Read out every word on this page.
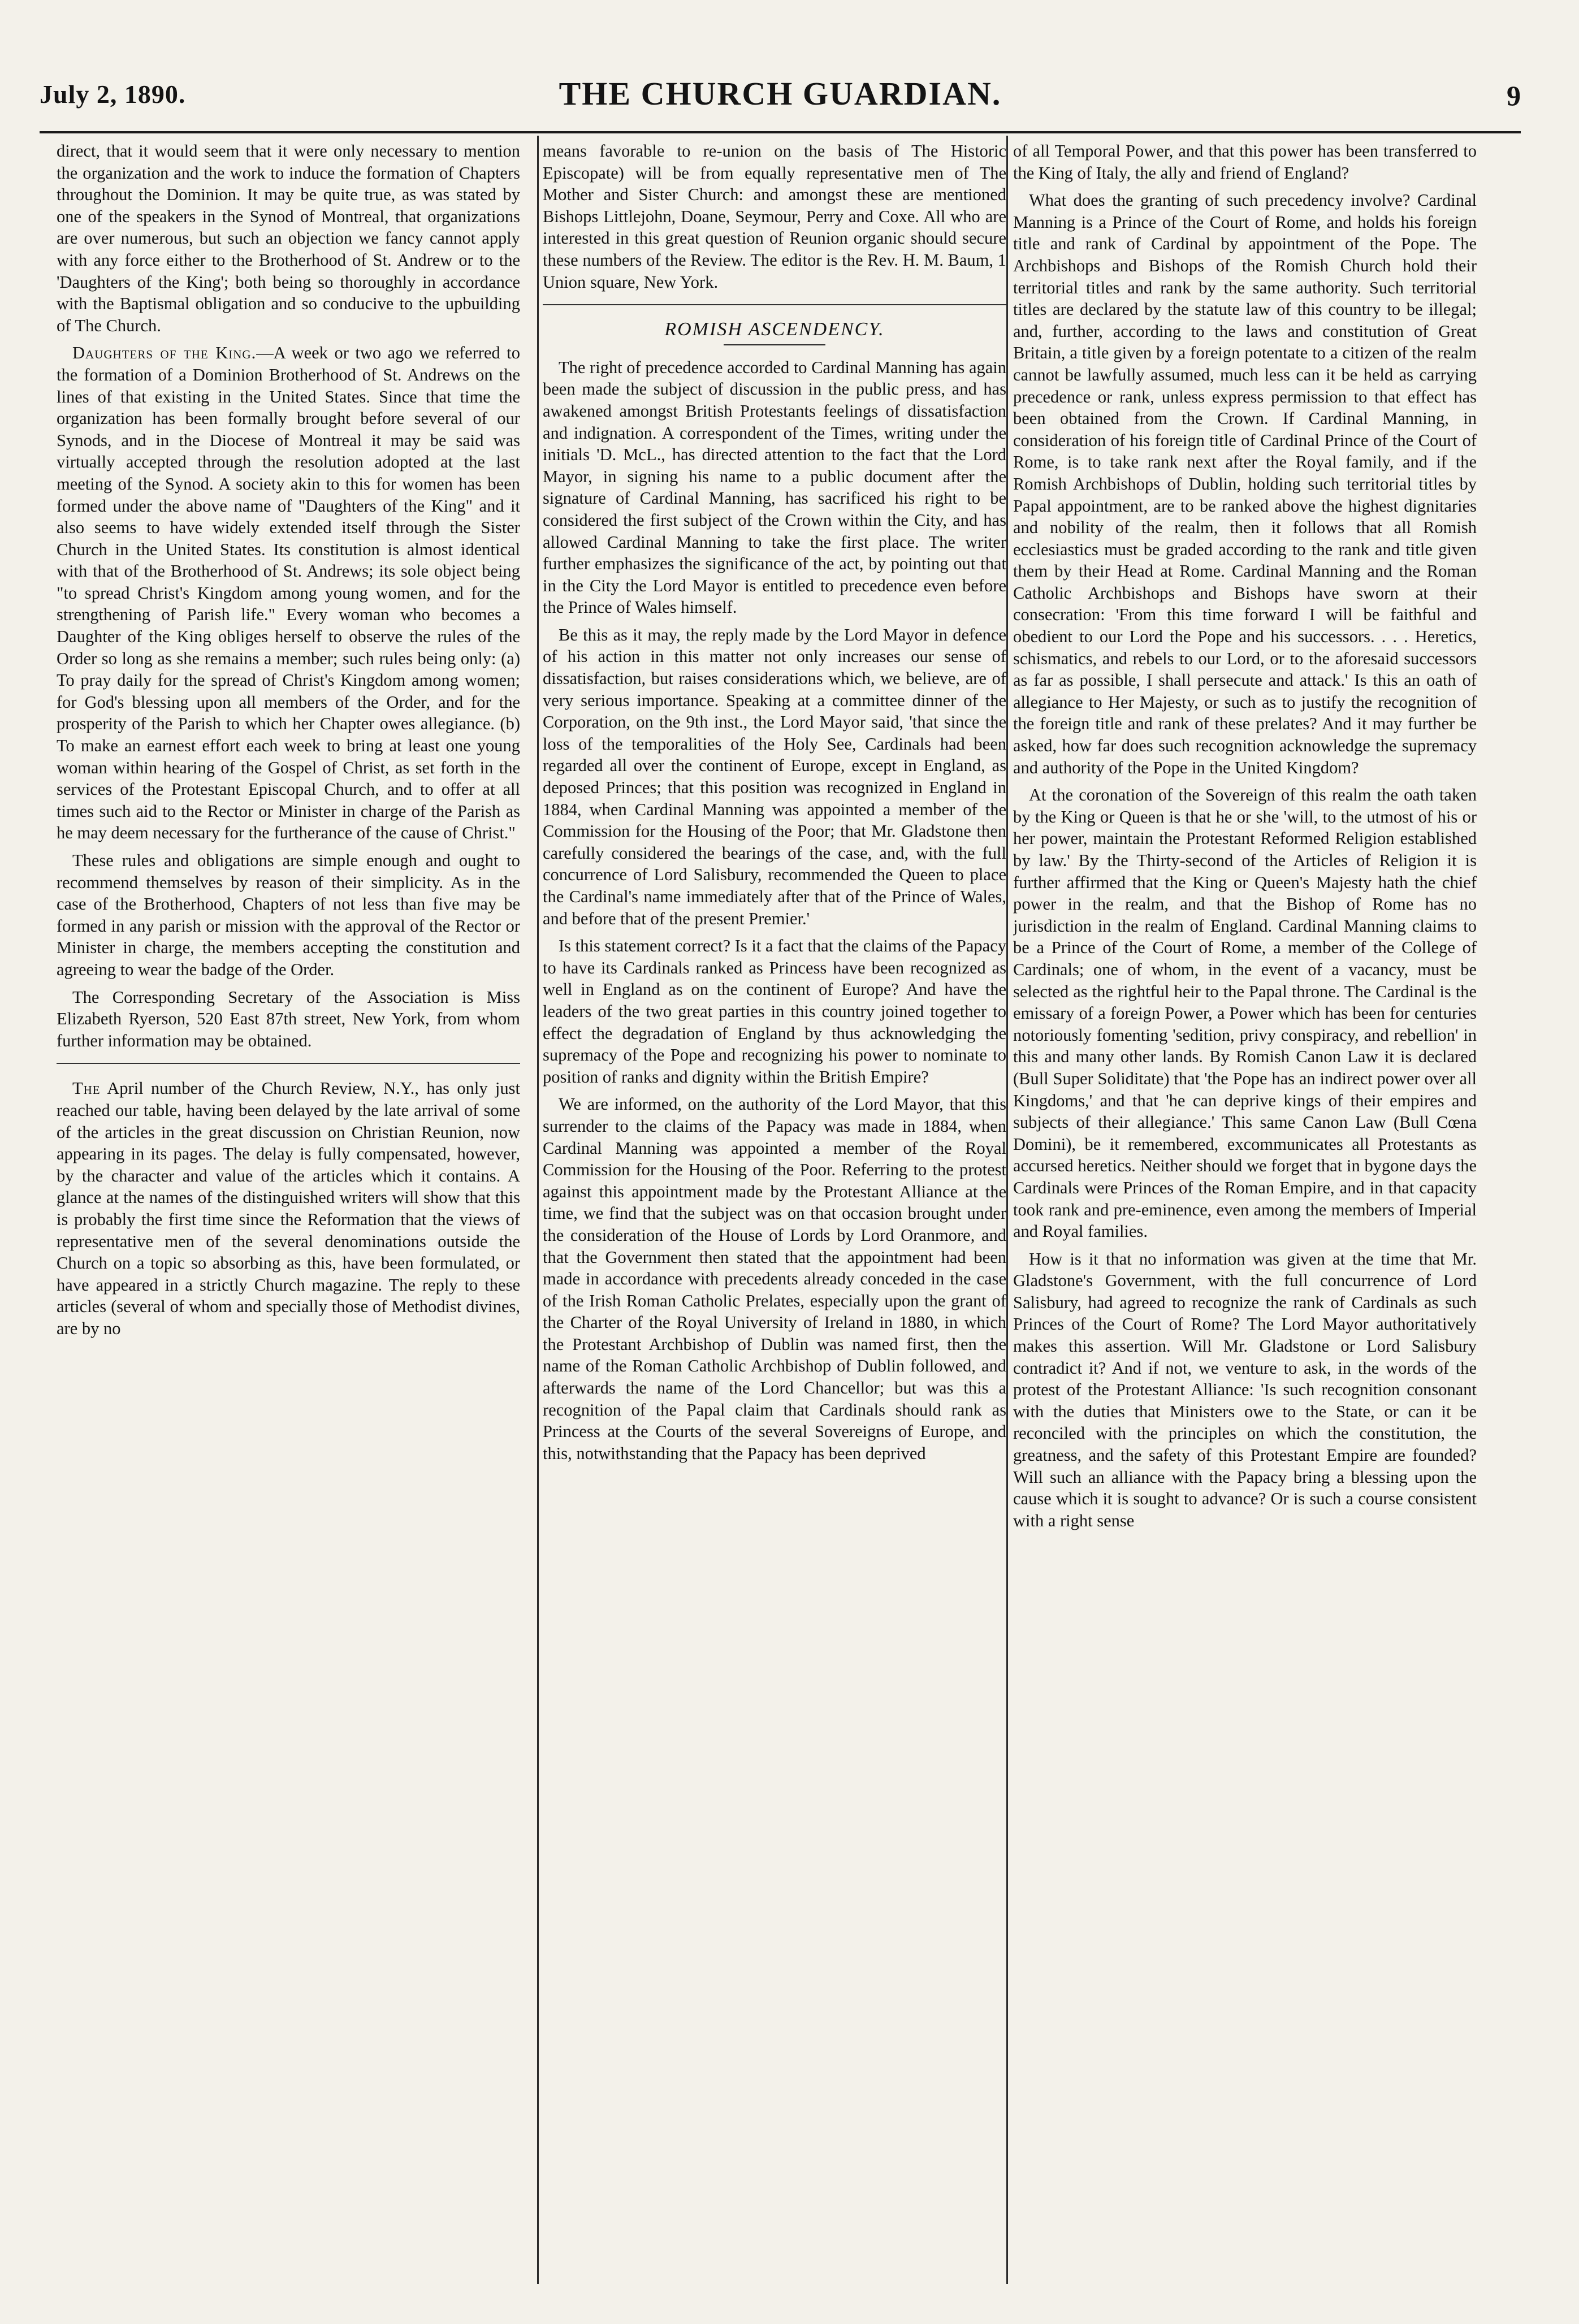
July 2, 1890.	THE CHURCH GUARDIAN.	9

direct, that it would seem that it were only necessary to mention the organization and the work to induce the formation of Chapters throughout the Dominion. It may be quite true, as was stated by one of the speakers in the Synod of Montreal, that organizations are over numerous, but such an objection we fancy cannot apply with any force either to the Brotherhood of St. Andrew or to the 'Daughters of the King'; both being so thoroughly in accordance with the Baptismal obligation and so conducive to the upbuilding of The Church.

Daughters of the King.—A week or two ago we referred to the formation of a Dominion Brotherhood of St. Andrews on the lines of that existing in the United States. Since that time the organization has been formally brought before several of our Synods, and in the Diocese of Montreal it may be said was virtually accepted through the resolution adopted at the last meeting of the Synod. A society akin to this for women has been formed under the above name of "Daughters of the King" and it also seems to have widely extended itself through the Sister Church in the United States. Its constitution is almost identical with that of the Brotherhood of St. Andrews; its sole object being "to spread Christ's Kingdom among young women, and for the strengthening of Parish life." Every woman who becomes a Daughter of the King obliges herself to observe the rules of the Order so long as she remains a member; such rules being only: (a) To pray daily for the spread of Christ's Kingdom among women; for God's blessing upon all members of the Order, and for the prosperity of the Parish to which her Chapter owes allegiance. (b) To make an earnest effort each week to bring at least one young woman within hearing of the Gospel of Christ, as set forth in the services of the Protestant Episcopal Church, and to offer at all times such aid to the Rector or Minister in charge of the Parish as he may deem necessary for the furtherance of the cause of Christ."

These rules and obligations are simple enough and ought to recommend themselves by reason of their simplicity. As in the case of the Brotherhood, Chapters of not less than five may be formed in any parish or mission with the approval of the Rector or Minister in charge, the members accepting the constitution and agreeing to wear the badge of the Order.

The Corresponding Secretary of the Association is Miss Elizabeth Ryerson, 520 East 87th street, New York, from whom further information may be obtained.

The April number of the Church Review, N.Y., has only just reached our table, having been delayed by the late arrival of some of the articles in the great discussion on Christian Reunion, now appearing in its pages. The delay is fully compensated, however, by the character and value of the articles which it contains. A glance at the names of the distinguished writers will show that this is probably the first time since the Reformation that the views of representative men of the several denominations outside the Church on a topic so absorbing as this, have been formulated, or have appeared in a strictly Church magazine. The reply to these articles (several of whom and specially those of Methodist divines, are by no

means favorable to re-union on the basis of The Historic Episcopate) will be from equally representative men of The Mother and Sister Church: and amongst these are mentioned Bishops Littlejohn, Doane, Seymour, Perry and Coxe. All who are interested in this great question of Reunion organic should secure these numbers of the Review. The editor is the Rev. H. M. Baum, 1 Union square, New York.

ROMISH ASCENDENCY.

The right of precedence accorded to Cardinal Manning has again been made the subject of discussion in the public press, and has awakened amongst British Protestants feelings of dissatisfaction and indignation. A correspondent of the Times, writing under the initials 'D. McL., has directed attention to the fact that the Lord Mayor, in signing his name to a public document after the signature of Cardinal Manning, has sacrificed his right to be considered the first subject of the Crown within the City, and has allowed Cardinal Manning to take the first place. The writer further emphasizes the significance of the act, by pointing out that in the City the Lord Mayor is entitled to precedence even before the Prince of Wales himself.

Be this as it may, the reply made by the Lord Mayor in defence of his action in this matter not only increases our sense of dissatisfaction, but raises considerations which, we believe, are of very serious importance. Speaking at a committee dinner of the Corporation, on the 9th inst., the Lord Mayor said, 'that since the loss of the temporalities of the Holy See, Cardinals had been regarded all over the continent of Europe, except in England, as deposed Princes; that this position was recognized in England in 1884, when Cardinal Manning was appointed a member of the Commission for the Housing of the Poor; that Mr. Gladstone then carefully considered the bearings of the case, and, with the full concurrence of Lord Salisbury, recommended the Queen to place the Cardinal's name immediately after that of the Prince of Wales, and before that of the present Premier.'

Is this statement correct? Is it a fact that the claims of the Papacy to have its Cardinals ranked as Princess have been recognized as well in England as on the continent of Europe? And have the leaders of the two great parties in this country joined together to effect the degradation of England by thus acknowledging the supremacy of the Pope and recognizing his power to nominate to position of ranks and dignity within the British Empire?

We are informed, on the authority of the Lord Mayor, that this surrender to the claims of the Papacy was made in 1884, when Cardinal Manning was appointed a member of the Royal Commission for the Housing of the Poor. Referring to the protest against this appointment made by the Protestant Alliance at the time, we find that the subject was on that occasion brought under the consideration of the House of Lords by Lord Oranmore, and that the Government then stated that the appointment had been made in accordance with precedents already conceded in the case of the Irish Roman Catholic Prelates, especially upon the grant of the Charter of the Royal University of Ireland in 1880, in which the Protestant Archbishop of Dublin was named first, then the name of the Roman Catholic Archbishop of Dublin followed, and afterwards the name of the Lord Chancellor; but was this a recognition of the Papal claim that Cardinals should rank as Princess at the Courts of the several Sovereigns of Europe, and this, notwithstanding that the Papacy has been deprived

of all Temporal Power, and that this power has been transferred to the King of Italy, the ally and friend of England?

What does the granting of such precedency involve? Cardinal Manning is a Prince of the Court of Rome, and holds his foreign title and rank of Cardinal by appointment of the Pope. The Archbishops and Bishops of the Romish Church hold their territorial titles and rank by the same authority. Such territorial titles are declared by the statute law of this country to be illegal; and, further, according to the laws and constitution of Great Britain, a title given by a foreign potentate to a citizen of the realm cannot be lawfully assumed, much less can it be held as carrying precedence or rank, unless express permission to that effect has been obtained from the Crown. If Cardinal Manning, in consideration of his foreign title of Cardinal Prince of the Court of Rome, is to take rank next after the Royal family, and if the Romish Archbishops of Dublin, holding such territorial titles by Papal appointment, are to be ranked above the highest dignitaries and nobility of the realm, then it follows that all Romish ecclesiastics must be graded according to the rank and title given them by their Head at Rome. Cardinal Manning and the Roman Catholic Archbishops and Bishops have sworn at their consecration: 'From this time forward I will be faithful and obedient to our Lord the Pope and his successors. . . . Heretics, schismatics, and rebels to our Lord, or to the aforesaid successors as far as possible, I shall persecute and attack.' Is this an oath of allegiance to Her Majesty, or such as to justify the recognition of the foreign title and rank of these prelates? And it may further be asked, how far does such recognition acknowledge the supremacy and authority of the Pope in the United Kingdom?

At the coronation of the Sovereign of this realm the oath taken by the King or Queen is that he or she 'will, to the utmost of his or her power, maintain the Protestant Reformed Religion established by law.' By the Thirty-second of the Articles of Religion it is further affirmed that the King or Queen's Majesty hath the chief power in the realm, and that the Bishop of Rome has no jurisdiction in the realm of England. Cardinal Manning claims to be a Prince of the Court of Rome, a member of the College of Cardinals; one of whom, in the event of a vacancy, must be selected as the rightful heir to the Papal throne. The Cardinal is the emissary of a foreign Power, a Power which has been for centuries notoriously fomenting 'sedition, privy conspiracy, and rebellion' in this and many other lands. By Romish Canon Law it is declared (Bull Super Soliditate) that 'the Pope has an indirect power over all Kingdoms,' and that 'he can deprive kings of their empires and subjects of their allegiance.' This same Canon Law (Bull Cœna Domini), be it remembered, excommunicates all Protestants as accursed heretics. Neither should we forget that in bygone days the Cardinals were Princes of the Roman Empire, and in that capacity took rank and pre-eminence, even among the members of Imperial and Royal families.

How is it that no information was given at the time that Mr. Gladstone's Government, with the full concurrence of Lord Salisbury, had agreed to recognize the rank of Cardinals as such Princes of the Court of Rome? The Lord Mayor authoritatively makes this assertion. Will Mr. Gladstone or Lord Salisbury contradict it? And if not, we venture to ask, in the words of the protest of the Protestant Alliance: 'Is such recognition consonant with the duties that Ministers owe to the State, or can it be reconciled with the principles on which the constitution, the greatness, and the safety of this Protestant Empire are founded? Will such an alliance with the Papacy bring a blessing upon the cause which it is sought to advance? Or is such a course consistent with a right sense
